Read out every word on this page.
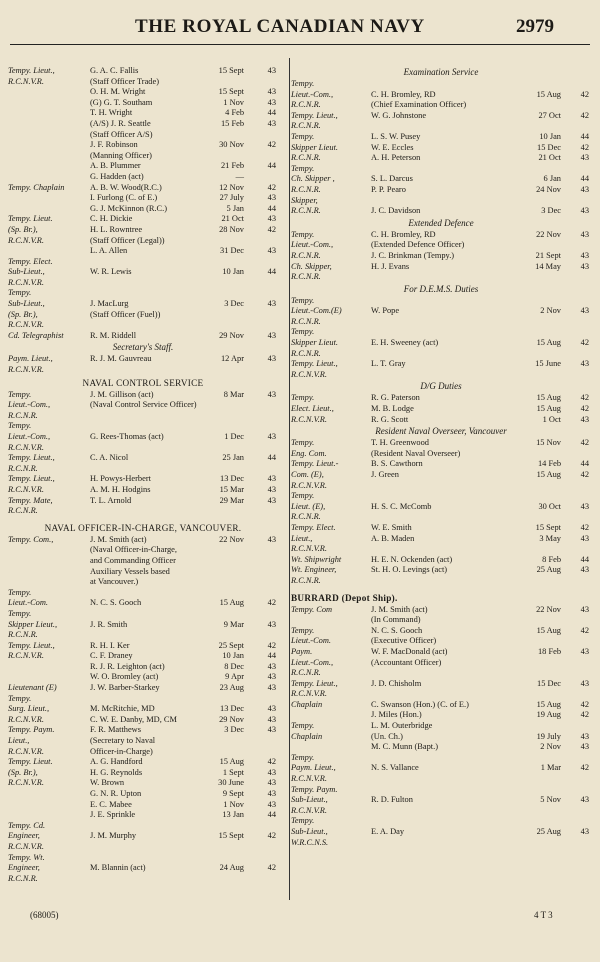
THE ROYAL CANADIAN NAVY	2979
Tempy. Lieut.,	G. A. C. Fallis	15 Sept	43
R.C.N.V.R.	(Staff Officer Trade)
O. H. M. Wright	15 Sept	43
(G) G. T. Southam	1 Nov	43
T. H. Wright	4 Feb	44
(A/S) J. R. Seattle	15 Feb	43
(Staff Officer A/S)
J. F. Robinson	30 Nov	42
(Manning Officer)
A. B. Plummer	21 Feb	44
G. Hadden (act)	—
Tempy. Chaplain	A. B. W. Wood(R.C.)	12 Nov	42
I. Furlong (C. of E.)	27 July	43
G. J. McKinnon (R.C.)	5 Jan	44
Tempy. Lieut.	C. H. Dickie	21 Oct	43
(Sp. Br.),	H. L. Rowntree	28 Nov	42
R.C.N.V.R.	(Staff Officer (Legal))
L. A. Allen	31 Dec	43
Tempy. Elect.
Sub-Lieut.,	W. R. Lewis	10 Jan	44
R.C.N.V.R.
Tempy.
Sub-Lieut.,	J. MacLurg	3 Dec	43
(Sp. Br.),	(Staff Officer (Fuel))
R.C.N.V.R.
Cd. Telegraphist	R. M. Riddell	29 Nov	43
Secretary's Staff.
Paym. Lieut.,	R. J. M. Gauvreau	12 Apr	43
R.C.N.V.R.
NAVAL CONTROL SERVICE
Tempy.	J. M. Gillison (act)	8 Mar	43
Lieut.-Com.,	(Naval Control Service Officer)
R.C.N.R.
Tempy.
Lieut.-Com.,	G. Rees-Thomas (act)	1 Dec	43
R.C.N.V.R.
Tempy. Lieut.,	C. A. Nicol	25 Jan	44
R.C.N.R.
Tempy. Lieut.,	H. Powys-Herbert	13 Dec	43
R.C.N.V.R.	A. M. H. Hodgins	15 Mar	43
Tempy. Mate,	T. L. Arnold	29 Mar	43
R.C.N.R.
NAVAL OFFICER-IN-CHARGE, VANCOUVER.
Tempy. Com.,	J. M. Smith (act)	22 Nov	43
(Naval Officer-in-Charge,
and Commanding Officer
Auxiliary Vessels based
at Vancouver.)
Tempy.
Lieut.-Com.	N. C. S. Gooch	15 Aug	42
Tempy.
Skipper Lieut.,	J. R. Smith	9 Mar	43
R.C.N.R.
Tempy. Lieut.,	R. H. I. Ker	25 Sept	42
R.C.N.V.R.	C. F. Draney	10 Jan	44
R. J. R. Leighton (act)	8 Dec	43
W. O. Bromley (act)	9 Apr	43
Lieutenant (E)	J. W. Barber-Starkey	23 Aug	43
Tempy.
Surg. Lieut.,	M. McRitchie, MD	13 Dec	43
R.C.N.V.R.	C. W. E. Danby, MD, CM	29 Nov	43
Tempy. Paym.	F. R. Matthews	3 Dec	43
Lieut.,	(Secretary to Naval
R.C.N.V.R.	Officer-in-Charge)
Tempy. Lieut.	A. G. Handford	15 Aug	42
(Sp. Br.),	H. G. Reynolds	1 Sept	43
R.C.N.V.R.	W. Brown	30 June	43
G. N. R. Upton	9 Sept	43
E. C. Mabee	1 Nov	43
J. E. Sprinkle	13 Jan	44
Tempy. Cd.
Engineer,	J. M. Murphy	15 Sept	42
R.C.N.V.R.
Tempy. Wt.
Engineer,	M. Blannin (act)	24 Aug	42
R.C.N.R.
Examination Service
Tempy.
Lieut.-Com.,	C. H. Bromley, RD	15 Aug 42
R.C.N.R.	(Chief Examination Officer)
Tempy. Lieut.,	W. G. Johnstone	27 Oct 42
R.C.N.R.
Tempy.	L. S. W. Pusey	10 Jan 44
Skipper Lieut.	W. E. Eccles	15 Dec 42
R.C.N.R.	A. H. Peterson	21 Oct 43
Tempy.
Ch. Skipper ,	S. L. Darcus	6 Jan 44
R.C.N.R.	P. P. Pearo	24 Nov 43
Skipper,
R.C.N.R.	J. C. Davidson	3 Dec 43
Extended Defence
Tempy.	C. H. Bromley, RD	22 Nov 43
Lieut.-Com.,	(Extended Defence Officer)
R.C.N.R.	J. C. Brinkman (Tempy.)	21 Sept 43
Ch. Skipper,	H. J. Evans	14 May 43
R.C.N.R.
For D.E.M.S. Duties
Tempy.
Lieut.-Com.(E)	W. Pope	2 Nov 43
R.C.N.R.
Tempy.
Skipper Lieut.	E. H. Sweeney (act)	15 Aug 42
R.C.N.R.
Tempy. Lieut.,	L. T. Gray	15 June 43
R.C.N.V.R.
D/G Duties
Tempy.	R. G. Paterson	15 Aug 42
Elect. Lieut.,	M. B. Lodge	15 Aug 42
R.C.N.V.R.	R. G. Scott	1 Oct 43
Resident Naval Overseer, Vancouver
Tempy.	T. H. Greenwood	15 Nov 42
Eng. Com.	(Resident Naval Overseer)
Tempy. Lieut.-	B. S. Cawthorn	14 Feb 44
Com. (E),	J. Green	15 Aug 42
R.C.N.V.R.
Tempy.
Lieut. (E),	H. S. C. McComb	30 Oct 43
R.C.N.R.
Tempy. Elect.	W. E. Smith	15 Sept 42
Lieut.,	A. B. Maden	3 May 43
R.C.N.V.R.
Wt. Shipwright	H. E. N. Ockenden (act)	8 Feb 44
Wt. Engineer,	St. H. O. Levings (act)	25 Aug 43
R.C.N.R.
BURRARD (Depot Ship).
Tempy. Com	J. M. Smith (act)	22 Nov 43
(In Command)
Tempy.	N. C. S. Gooch	15 Aug 42
Lieut.-Com.	(Executive Officer)
Paym.	W. F. MacDonald (act)	18 Feb 43
Lieut.-Com.,	(Accountant Officer)
R.C.N.R.
Tempy. Lieut.,	J. D. Chisholm	15 Dec 43
R.C.N.V.R.
Chaplain	C. Swanson (Hon.) (C. of E.)	15 Aug 42
J. Miles (Hon.)	19 Aug 42
Tempy.	L. M. Outerbridge
Chaplain	(Un. Ch.)	19 July 43
M. C. Munn (Bapt.)	2 Nov 43
Tempy.
Paym. Lieut.,	N. S. Vallance	1 Mar 42
R.C.N.V.R.
Tempy. Paym.
Sub-Lieut.,	R. D. Fulton	5 Nov 43
R.C.N.V.R.
Tempy.
Sub-Lieut.,	E. A. Day	25 Aug 43
W.R.C.N.S.
(68005)	4 T 3
